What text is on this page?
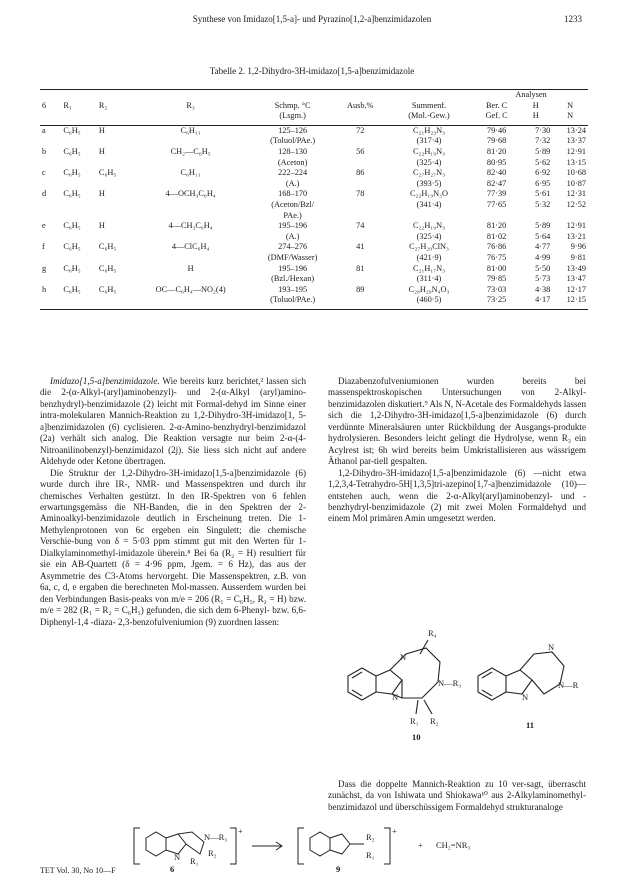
Synthese von Imidazo[1,5-a]- und Pyrazino[1,2-a]benzimidazolen	1233
Tabelle 2. 1,2-Dihydro-3H-imidazo[1,5-a]benzimidazole

							Analysen		
6	R₁	R₂	R₃	Schmp. °C	Ausb.%	Summenf.	Ber. C	H	N
				(Lsgm.)		(Mol.-Gew.)	Gef. C	H	N

a	C₆H₅	H	C₆H₁₁	125–126	72	C₂₁H₂₃N₃	79·46	7·30	13·24
				(Toluol/PAe.)		(317·4)	79·68	7·32	13·37
b	C₆H₅	H	CH₂—C₆H₅	128–130	56	C₂₂H₁₉N₃	81·20	5·89	12·91
				(Aceton)		(325·4)	80·95	5·62	13·15
c	C₆H₅	C₆H₅	C₆H₁₁	222–224	86	C₂₇H₂₇N₃	82·40	6·92	10·68
				(A.)		(393·5)	82·47	6·95	10·87
d	C₆H₅	H	4—OCH₃C₆H₄	168–170	78	C₂₂H₁₉N₃O	77·39	5·61	12·31
				(Aceton/Bzl/		(341·4)	77·65	5·32	12·52
				PAe.)					
e	C₆H₅	H	4—CH₃C₆H₄	195–196	74	C₂₂H₁₉N₃	81·20	5·89	12·91
				(A.)		(325·4)	81·02	5·64	13·21
f	C₆H₅	C₆H₅	4—ClC₆H₄	274–276	41	C₂₇H₂₀ClN₃	76·86	4·77	9·96
				(DMF/Wasser)		(421·9)	76·75	4·99	9·81
g	C₆H₅	C₆H₅	H	195–196	81	C₂₁H₁₇N₃	81·00	5·50	13·49
				(Bzl./Hexan)		(311·4)	79·85	5·73	13·47
h	C₆H₅	C₆H₅	OC—C₆H₄—NO₂(4)	193–195	89	C₂₈H₂₀N₄O₃	73·03	4·38	12·17
				(Toluol/PAe.)		(460·5)	73·25	4·17	12·15

Imidazo[1,5-a]benzimidazole. Wie bereits kurz berichtet,² lassen sich die 2-(α-Alkyl-(aryl)aminobenzyl)- und 2-(α-Alkyl (aryl)amino-benzhydryl)-benzimidazole (2) leicht mit Formal-dehyd im Sinne einer intra-molekularen Mannich-Reaktion zu 1,2-Dihydro-3H-imidazo[1, 5-a]benzimidazolen (6) cyclisieren. 2-α-Amino-benzhydryl-benzimidazol (2a) verhält sich analog. Die Reaktion versagte nur beim 2-α-(4-Nitroanilinobenzyl)-benzimidazol (2j). Sie liess sich nicht auf andere Aldehyde oder Ketone übertragen.

Die Struktur der 1,2-Dihydro-3H-imidazo[1,5-a]benzimidazole (6) wurde durch ihre IR-, NMR- und Massenspektren und durch ihr chemisches Verhalten gestützt. In den IR-Spektren von 6 fehlen erwartungsgemäss die NH-Banden, die in den Spektren der 2-Aminoalkyl-benzimidazole deutlich in Erscheinung treten. Die 1-Methylenprotonen von 6c ergeben ein Singulett; die chemische Verschie-bung von δ = 5·03 ppm stimmt gut mit den Werten für 1-Dialkylaminomethyl-imidazole überein.⁸ Bei 6a (R₂ = H) resultiert für sie ein AB-Quartett (δ = 4·96 ppm, Jgem. = 6 Hz), das aus der Asymmetrie des C3-Atoms hervorgeht. Die Massenspektren, z.B. von 6a, c, d, e ergaben die berechneten Mol-massen. Ausserdem wurden bei den Verbindungen Basis-peaks von m/e = 206 (R₁ = C₆H₅, R₂ = H) bzw. m/e = 282 (R₁ = R₂ = C₆H₅) gefunden, die sich dem 6-Phenyl- bzw. 6,6-Diphenyl-1,4 -diaza- 2,3-benzofulveniumion (9) zuordnen lassen:

Diazabenzofulveniumionen wurden bereits bei massenspektroskopischen Untersuchungen von 2-Alkyl-benzimidazolen diskutiert.⁹ Als N, N-Acetale des Formaldehyds lassen sich die 1,2-Dihydro-3H-imidazo[1,5-a]benzimidazole (6) durch verdünnte Mineralsäuren unter Rückbildung der Ausgangs-produkte hydrolysieren. Besonders leicht gelingt die Hydrolyse, wenn R₃ ein Acylrest ist; 6h wird bereits beim Umkristallisieren aus wässrigem Äthanol par-tiell gespalten.

1,2-Dihydro-3H-imidazo[1,5-a]benzimidazole (6) —nicht etwa 1,2,3,4-Tetrahydro-5H[1,3,5]tri-azepino[1,7-a]benzimidazole (10)—entstehen auch, wenn die 2-α-Alkyl(aryl)aminobenzyl- und -benzhydryl-benzimidazole (2) mit zwei Molen Formaldehyd und einem Mol primären Amin umgesetzt werden.

R₄
N
N
N—R₃
R₁ R₂
10
N
N
N—R
11

Dass die doppelte Mannich-Reaktion zu 10 ver-sagt, überrascht zunächst, da von Ishiwata und Shiokawa¹⁰ aus 2-Alkylaminomethyl-benzimidazol und überschüssigem Formaldehyd strukturanaloge

N—R₃
R₂
R₁
N
+
R₂
R₁
+
+ CH₂=NR₃
6	9
TET Vol. 30, No 10—F
